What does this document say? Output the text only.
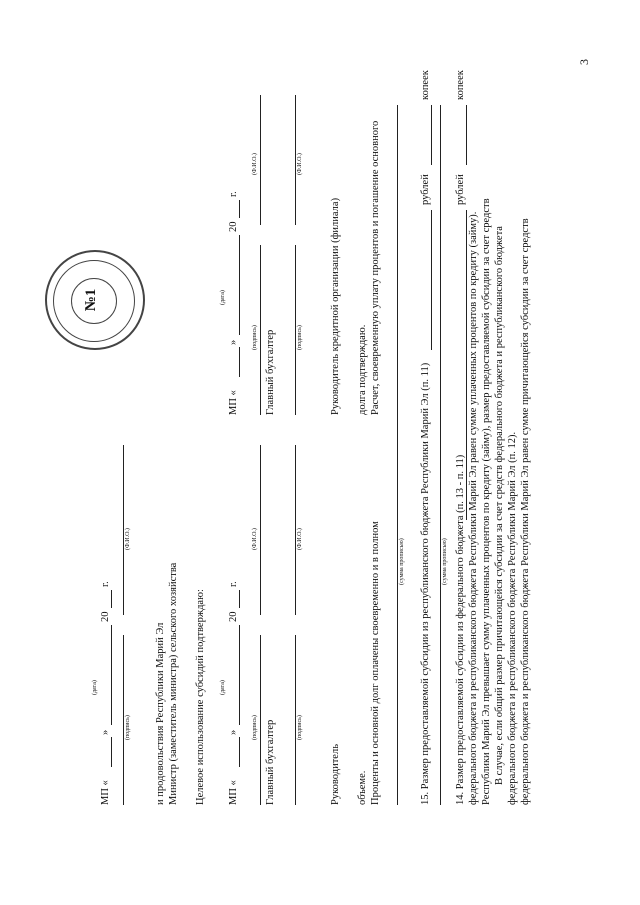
3
федерального бюджета и республиканского бюджета Республики Марий Эл равен сумме причитающейся субсидии за счет средств
федерального бюджета и республиканского бюджета Республики Марий Эл (п. 12).
В случае, если общий размер причитающейся субсидии за счет средств федерального бюджета и республиканского бюджета
Республики Марий Эл превышает сумму уплаченных процентов по кредиту (займу), размер предоставляемой субсидии за счет средств
федерального бюджета и республиканского бюджета Республики Марий Эл равен сумме уплаченных процентов по кредиту (займу).
14. Размер предоставляемой субсидии из федерального бюджета (п. 13 - п. 11)
рублей
копеек
(сумма прописью)
15. Размер предоставляемой субсидии из республиканского бюджета Республики Марий Эл (п. 11)
рублей
копеек
(сумма прописью)
Проценты и основной долг оплачены своевременно и в полном
объеме.
Руководитель
(подпись)
(Ф.И.О.)
Главный бухгалтер
(подпись)
(Ф.И.О.)
МП «
»
20
г.
(дата)
Расчет, своевременную уплату процентов и погашение основного
долга подтверждаю.
Руководитель кредитной организации (филиала)
(подпись)
(Ф.И.О.)
Главный бухгалтер
(подпись)
(Ф.И.О.)
МП «
»
20
г.
(дата)
Целевое использование субсидий подтверждаю:
Министр (заместитель министра) сельского хозяйства
и продовольствия Республики Марий Эл
(подпись)
(Ф.И.О.)
МП «
»
20
г.
(дата)
№1
